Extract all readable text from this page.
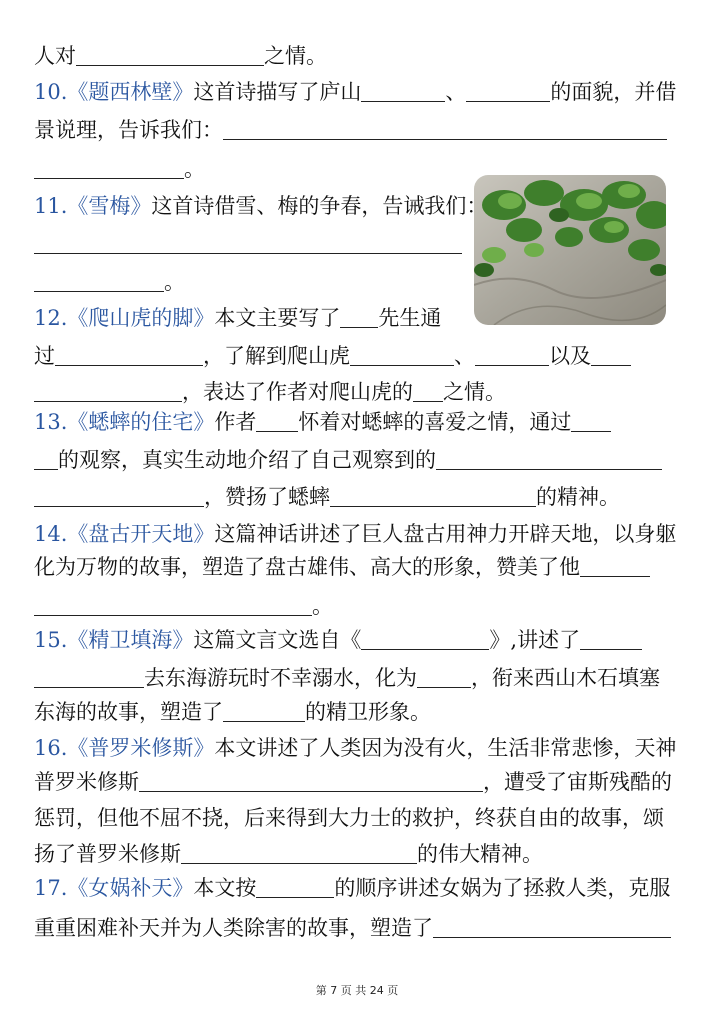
人对	之情。
10.《题西林壁》这首诗描写了庐山	、	的面貌，并借
景说理，告诉我们：
。
11.《雪梅》这首诗借雪、梅的争春，告诫我们：
。
12.《爬山虎的脚》本文主要写了 先生通
过	，了解到爬山虎	、	以及
，表达了作者对爬山虎的 之情。
13.《蟋蟀的住宅》作者 怀着对蟋蟀的喜爱之情，通过
的观察，真实生动地介绍了自己观察到的
，赞扬了蟋蟀	的精神。
14.《盘古开天地》这篇神话讲述了巨人盘古用神力开辟天地，以身躯
化为万物的故事，塑造了盘古雄伟、高大的形象，赞美了他
。
15.《精卫填海》这篇文言文选自《	》,讲述了
去东海游玩时不幸溺水，化为	，衔来西山木石填塞
东海的故事，塑造了	的精卫形象。
16.《普罗米修斯》本文讲述了人类因为没有火，生活非常悲惨，天神
普罗米修斯	，遭受了宙斯残酷的
惩罚，但他不屈不挠，后来得到大力士的救护，终获自由的故事，颂
扬了普罗米修斯	的伟大精神。
17.《女娲补天》本文按	的顺序讲述女娲为了拯救人类，克服
重重困难补天并为人类除害的故事，塑造了
第 7 页 共 24 页
